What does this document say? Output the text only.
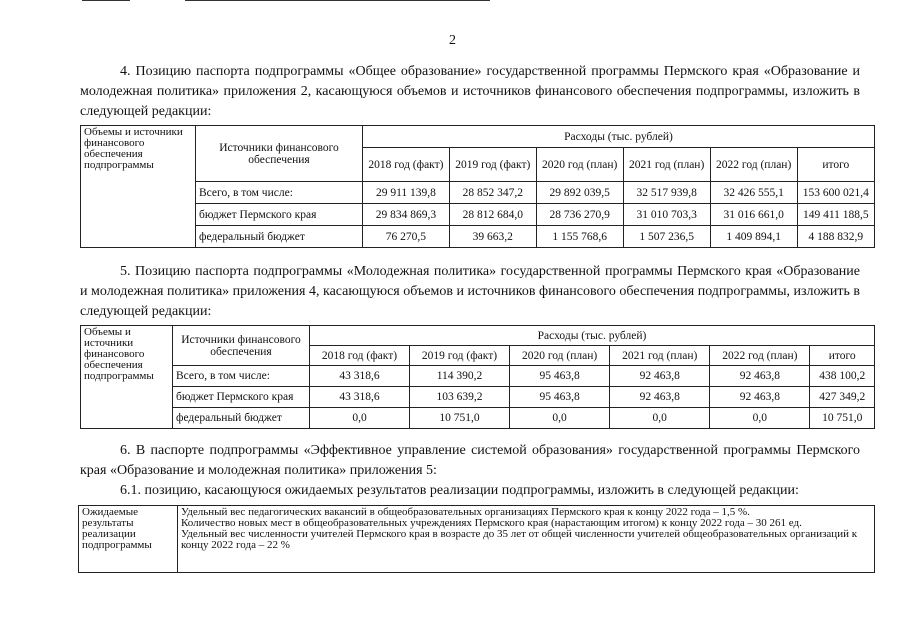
2
4. Позицию паспорта подпрограммы «Общее образование» государственной программы Пермского края «Образование и молодежная политика» приложения 2, касающуюся объемов и источников финансового обеспечения подпрограммы, изложить в следующей редакции:
Объемы и источники финансового обеспечения подпрограммы	Источники финансового обеспечения	Расходы (тыс. рублей)					
		2018 год (факт)	2019 год (факт)	2020 год (план)	2021 год (план)	2022 год (план)	итого
	Всего, в том числе:	29 911 139,8	28 852 347,2	29 892 039,5	32 517 939,8	32 426 555,1	153 600 021,4
	бюджет Пермского края	29 834 869,3	28 812 684,0	28 736 270,9	31 010 703,3	31 016 661,0	149 411 188,5
	федеральный бюджет	76 270,5	39 663,2	1 155 768,6	1 507 236,5	1 409 894,1	4 188 832,9
5. Позицию паспорта подпрограммы «Молодежная политика» государственной программы Пермского края «Образование и молодежная политика» приложения 4, касающуюся объемов и источников финансового обеспечения подпрограммы, изложить в следующей редакции:
Объемы и источники финансового обеспечения подпрограммы	Источники финансового обеспечения	Расходы (тыс. рублей)					
		2018 год (факт)	2019 год (факт)	2020 год (план)	2021 год (план)	2022 год (план)	итого
	Всего, в том числе:	43 318,6	114 390,2	95 463,8	92 463,8	92 463,8	438 100,2
	бюджет Пермского края	43 318,6	103 639,2	95 463,8	92 463,8	92 463,8	427 349,2
	федеральный бюджет	0,0	10 751,0	0,0	0,0	0,0	10 751,0
6. В паспорте подпрограммы «Эффективное управление системой образования» государственной программы Пермского края «Образование и молодежная политика» приложения 5:
6.1. позицию, касающуюся ожидаемых результатов реализации подпрограммы, изложить в следующей редакции:
Ожидаемые результаты реализации подпрограммы	
Удельный вес педагогических вакансий в общеобразовательных организациях Пермского края к концу 2022 года – 1,5 %.
Количество новых мест в общеобразовательных учреждениях Пермского края (нарастающим итогом) к концу 2022 года – 30 261 ед.
Удельный вес численности учителей Пермского края в возрасте до 35 лет от общей численности учителей общеобразовательных организаций к концу 2022 года – 22 %
